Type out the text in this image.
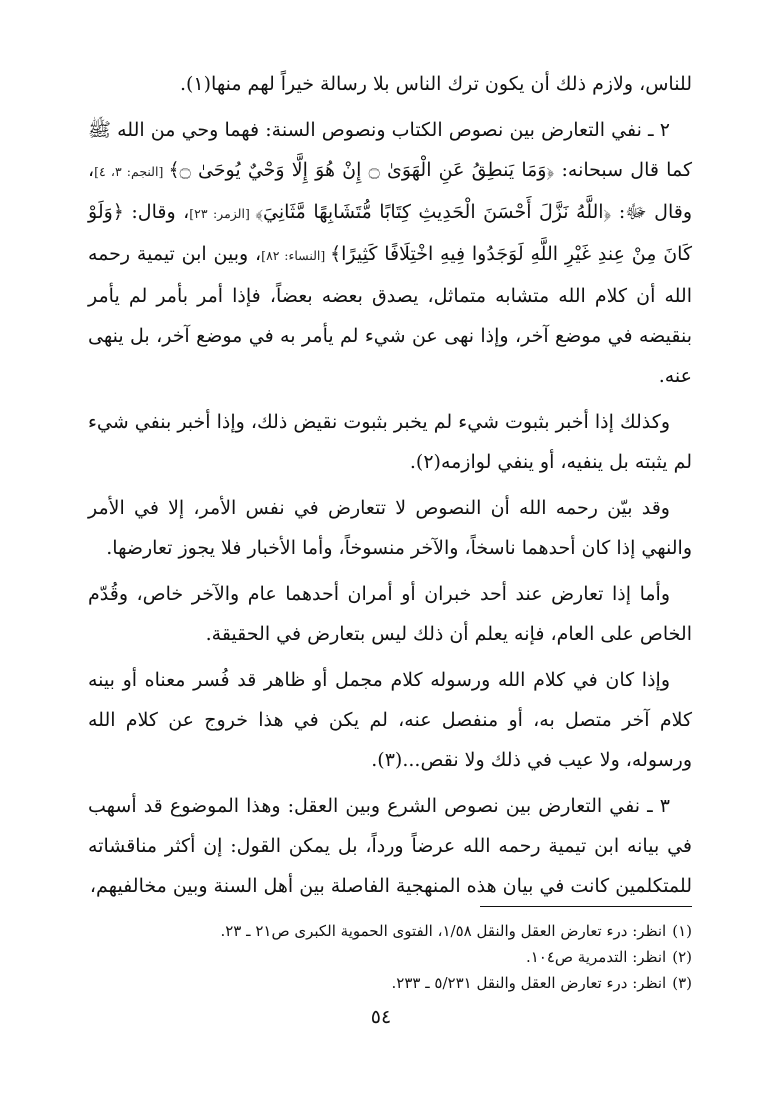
للناس، ولازم ذلك أن يكون ترك الناس بلا رسالة خيراً لهم منها(١).

٢ ـ نفي التعارض بين نصوص الكتاب ونصوص السنة: فهما وحي من الله ﷺ كما قال سبحانه: ﴿وَمَا يَنطِقُ عَنِ الْهَوَىٰ ۝ إِنْ هُوَ إِلَّا وَحْيٌ يُوحَىٰ ۝﴾ [النجم: ٣، ٤]، وقال ﷻ: ﴿اللَّهُ نَزَّلَ أَحْسَنَ الْحَدِيثِ كِتَابًا مُّتَشَابِهًا مَّثَانِيَ﴾ [الزمر: ٢٣]، وقال: ﴿وَلَوْ كَانَ مِنْ عِندِ غَيْرِ اللَّهِ لَوَجَدُوا فِيهِ اخْتِلَافًا كَثِيرًا﴾ [النساء: ٨٢]، وبين ابن تيمية رحمه الله أن كلام الله متشابه متماثل، يصدق بعضه بعضاً، فإذا أمر بأمر لم يأمر بنقيضه في موضع آخر، وإذا نهى عن شيء لم يأمر به في موضع آخر، بل ينهى عنه.

وكذلك إذا أخبر بثبوت شيء لم يخبر بثبوت نقيض ذلك، وإذا أخبر بنفي شيء لم يثبته بل ينفيه، أو ينفي لوازمه(٢).

وقد بيّن رحمه الله أن النصوص لا تتعارض في نفس الأمر، إلا في الأمر والنهي إذا كان أحدهما ناسخاً، والآخر منسوخاً، وأما الأخبار فلا يجوز تعارضها.

وأما إذا تعارض عند أحد خبران أو أمران أحدهما عام والآخر خاص، وقُدّم الخاص على العام، فإنه يعلم أن ذلك ليس بتعارض في الحقيقة.

وإذا كان في كلام الله ورسوله كلام مجمل أو ظاهر قد فُسر معناه أو بينه كلام آخر متصل به، أو منفصل عنه، لم يكن في هذا خروج عن كلام الله ورسوله، ولا عيب في ذلك ولا نقص...(٣).

٣ ـ نفي التعارض بين نصوص الشرع وبين العقل: وهذا الموضوع قد أسهب في بيانه ابن تيمية رحمه الله عرضاً ورداً، بل يمكن القول: إن أكثر مناقشاته للمتكلمين كانت في بيان هذه المنهجية الفاصلة بين أهل السنة وبين مخالفيهم،

(١)انظر: درء تعارض العقل والنقل ١/٥٨، الفتوى الحموية الكبرى ص٢١ ـ ٢٣.

(٢)انظر: التدمرية ص١٠٤.

(٣)انظر: درء تعارض العقل والنقل ٥/٢٣١ ـ ٢٣٣.

٥٤
